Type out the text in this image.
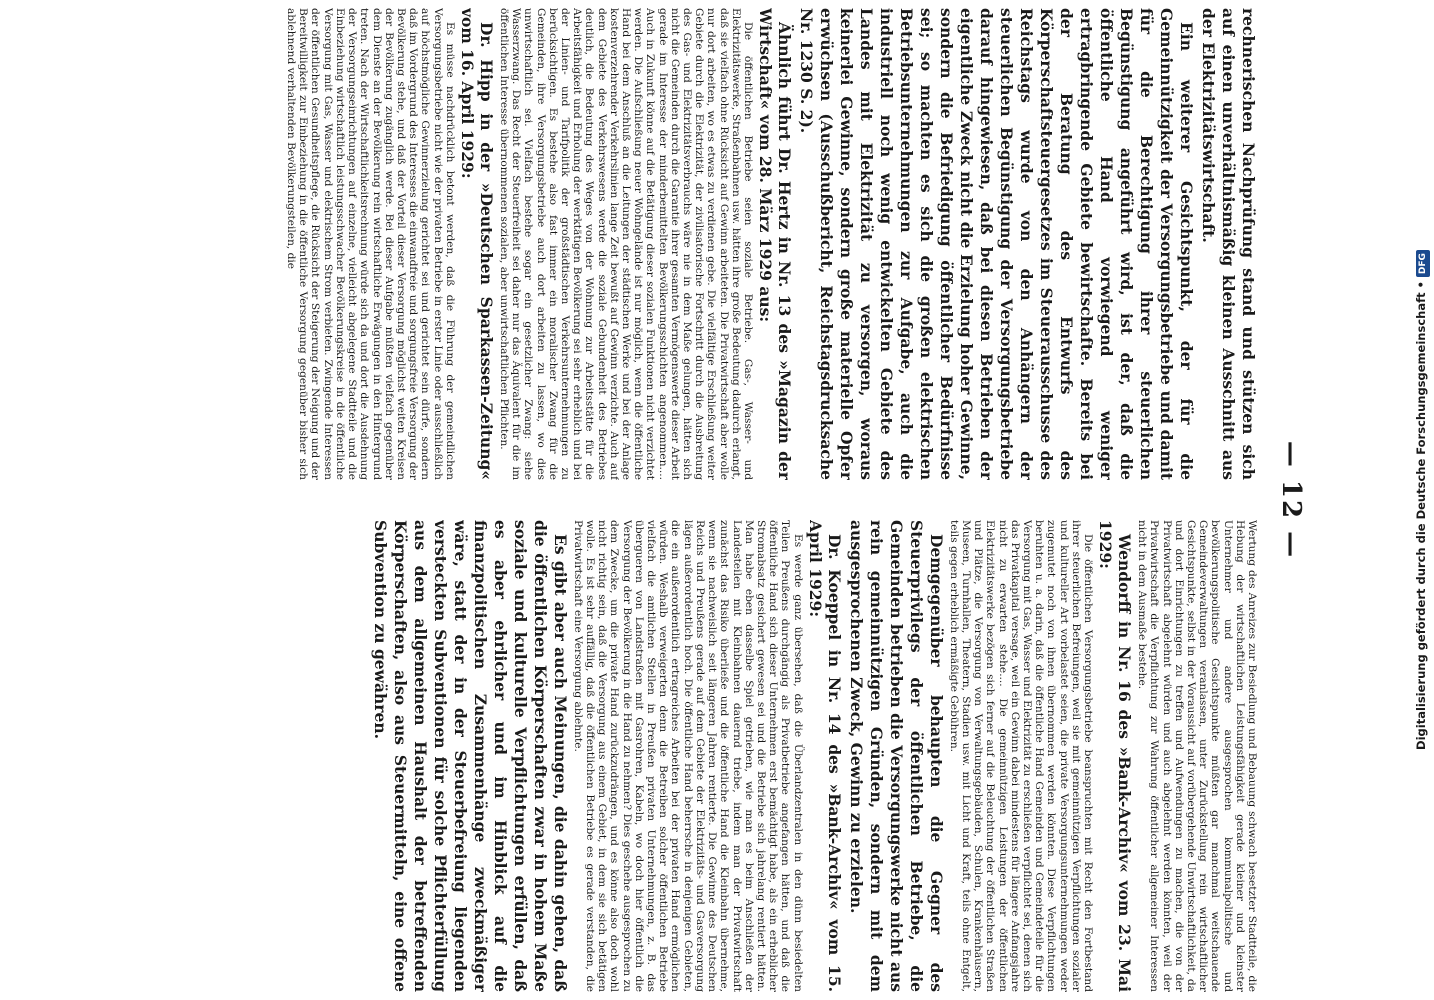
— 12 —

rechnerischen Nachprüfung stand und stützen sich auf einen unverhältnismäßig kleinen Ausschnitt aus der Elektrizitätswirtschaft.

Ein weiterer Gesichtspunkt, der für die Gemeinnützigkeit der Versorgungsbetriebe und damit für die Berechtigung ihrer steuerlichen Begünstigung angeführt wird, ist der, daß die öffentliche Hand vorwiegend weniger ertragbringende Gebiete bewirtschafte. Bereits bei der Beratung des Entwurfs des Körperschaftsteuergesetzes im Steuerausschusse des Reichstags wurde von den Anhängern der steuerlichen Begünstigung der Versorgungsbetriebe darauf hingewiesen, daß bei diesen Betrieben der eigentliche Zweck nicht die Erzielung hoher Gewinne, sondern die Befriedigung öffentlicher Bedürfnisse sei; so machten es sich die großen elektrischen Betriebsunternehmungen zur Aufgabe, auch die industriell noch wenig entwickelten Gebiete des Landes mit Elektrizität zu versorgen, woraus keinerlei Gewinne, sondern große materielle Opfer erwüchsen (Ausschußbericht, Reichstagsdrucksache Nr. 1230 S. 2).

Ähnlich führt Dr. Hertz in Nr. 13 des »Magazin der Wirtschaft« vom 28. März 1929 aus:

Die öffentlichen Betriebe seien soziale Betriebe. Gas-, Wasser- und Elektrizitätswerke, Straßenbahnen usw. hätten ihre große Bedeutung dadurch erlangt, daß sie vielfach ohne Rücksicht auf Gewinn arbeiteten. Die Privatwirtschaft aber wolle nur dort arbeiten, wo es etwas zu verdienen gebe. Die vielfältige Erschließung weiter Gebiete durch die Elektrizität, der zivilisatorische Fortschritt durch die Ausbreitung des Gas- und Elektrizitätsverbrauchs wäre nie in dem Maße gelungen, hätten sich nicht die Gemeinden durch die Garantie ihrer gesamten Vermögenswerte dieser Arbeit gerade im Interesse der minderbemittelten Bevölkerungsschichten angenommen.... Auch in Zukunft könne auf die Betätigung dieser sozialen Funktionen nicht verzichtet werden. Die Aufschließung neuer Wohngelände ist nur möglich, wenn die öffentliche Hand bei dem Anschluß an die Leitungen der städtischen Werke und bei der Anlage kostenverzehrender Verkehrslinien lange Zeit bewußt auf Gewinn verzichte. Auch auf dem Gebiete des Verkehrswesens werde die soziale Gebundenheit des Betriebes deutlich, die Bedeutung des Weges von der Wohnung zur Arbeitsstätte für die Arbeitsfähigkeit und Erholung der werktätigen Bevölkerung sei sehr erheblich und bei der Linien- und Tarifpolitik der großstädtischen Verkehrsunternehmungen zu berücksichtigen. Es bestehe also fast immer ein moralischer Zwang für die Gemeinden, ihre Versorgungsbetriebe auch dort arbeiten zu lassen, wo dies unwirtschaftlich sei. Vielfach bestehe sogar ein gesetzlicher Zwang: siehe Wasserzwang. Das Recht der Steuerfreiheit sei daher nur das Äquivalent für die im öffentlichen Interesse übernommenen sozialen, aber unwirtschaftlichen Pflichten.

Dr. Hipp in der »Deutschen Sparkassen-Zeitung« vom 16. April 1929:

Es müsse nachdrücklich betont werden, daß die Führung der gemeindlichen Versorgungsbetriebe nicht wie der privaten Betriebe in erster Linie oder ausschließlich auf höchstmögliche Gewinnerzielung gerichtet sei und gerichtet sein dürfe, sondern daß im Vordergrund des Interesses die einwandfreie und sorgungsfreie Versorgung der Bevölkerung stehe, und daß der Vorteil dieser Versorgung möglichst weiten Kreisen der Bevölkerung zugänglich werde. Bei dieser Aufgabe müßten vielfach gegenüber dem Dienste an der Bevölkerung rein wirtschaftliche Erwägungen in den Hintergrund treten. Nach der Wirtschaftlichkeitsrechnung würde sich da und dort die Ausdehnung der Versorgungseinrichtungen auf einzelne, vielleicht abgelegene Stadtteile und die Einbeziehung wirtschaftlich leistungsschwacher Bevölkerungskreise in die öffentliche Versorgung mit Gas, Wasser und elektrischem Strom verbieten. Zwingende Interessen der öffentlichen Gesundheitspflege, die Rücksicht der Steigerung der Neigung und der Bereitwilligkeit zur Einbeziehung in die öffentliche Versorgung gegenüber bisher sich ablehnend verhaltenden Bevölkerungsteilen, die

Wertung des Anreizes zur Besiedlung und Bebauung schwach besetzter Stadtteile, die Hebung der wirtschaftlichen Leistungsfähigkeit gerade kleiner und kleinster Unternehmer und andere ausgesprochen kommunalpolitische und bevölkerungspolitische Gesichtspunkte müßten gar manchmal weitschauende Gemeindeverwaltungen veranlassen, unter Zurückstellung rein wirtschaftlicher Gesichtspunkte, selbst in der Voraussicht auf vorübergehende Unwirtschaftlichkeit, da und dort Einrichtungen zu treffen und Aufwendungen zu machen, die von der Privatwirtschaft abgelehnt würden und auch abgelehnt werden könnten, weil der Privatwirtschaft die Verpflichtung zur Wahrung öffentlicher allgemeiner Interessen nicht in dem Ausmaße bestehe.

Wendorff in Nr. 16 des »Bank-Archiv« vom 23. Mai 1929:

Die öffentlichen Versorgungsbetriebe beanspruchten mit Recht den Fortbestand ihrer steuerlichen Befreiungen, weil sie mit gemeinnützigen Verpflichtungen sozialer und kultureller Art vorbelastet seien, die private Versorgungsunternehmungen weder zugemutet noch von ihnen übernommen werden könnten. Diese Verpflichtungen beruhten u. a. darin, daß die öffentliche Hand Gemeinden und Gemeindeteile für die Versorgung mit Gas, Wasser und Elektrizität zu erschließen verpflichtet sei, denen sich das Privatkapital versage, weil ein Gewinn dabei mindestens für längere Anfangsjahre nicht zu erwarten stehe.... Die gemeinnützigen Leistungen der öffentlichen Elektrizitätswerke bezögen sich ferner auf die Beleuchtung der öffentlichen Straßen und Plätze, die Versorgung von Verwaltungsgebäuden, Schulen, Krankenhäusern, Museen, Turnhallen, Theatern, Stadien usw. mit Licht und Kraft, teils ohne Entgelt, teils gegen erheblich ermäßigte Gebühren.

Demgegenüber behaupten die Gegner des Steuerprivilegs der öffentlichen Betriebe, die Gemeinden betrieben die Versorgungswerke nicht aus rein gemeinnützigen Gründen, sondern mit dem ausgesprochenen Zweck, Gewinn zu erzielen.

Dr. Koeppel in Nr. 14 des »Bank-Archiv« vom 15. April 1929:

Es werde ganz übersehen, daß die Überlandzentralen in den dünn besiedelten Teilen Preußens durchgängig als Privatbetriebe angefangen hätten, und daß die öffentliche Hand sich dieser Unternehmen erst bemächtigt habe, als ein erheblicher Stromabsatz gesichert gewesen sei und die Betriebe sich jahrelang rentiert hätten. Man habe eben dasselbe Spiel getrieben, wie man es beim Anschließen der Landesteilen mit Kleinbahnen dauernd triebe, indem man der Privatwirtschaft zunächst das Risiko überließe und die öffentliche Hand die Kleinbahn übernehme, wenn sie nachweislich seit längeren Jahren rentierte. Die Gewinne des Deutschen Reichs und Preußens gerade auf dem Gebiete der Elektrizitäts- und Gasversorgung lägen außerordentlich hoch. Die öffentliche Hand beherrsche in denjenigen Gebieten, die ein außerordentlich ertragreiches Arbeiten bei der privaten Hand ermöglichen würden. Weshalb verweigerten denn die Betreiben solcher öffentlichen Betriebe vielfach die amtlichen Stellen in Preußen privaten Unternehmungen, z. B. das übergueren von Landstraßen mit Gasrohren, Kabeln, wo doch hier öffentlich die Versorgung der Bevölkerung in die Hand zu nehmen? Dies geschehe ausgesprochen zu dem Zwecke, um die private Hand zurückzudrängen, und es könne also doch wohl nicht richtig sein, daß die Versorgung aus einem Gebiet, in dem sie sich betätigen wolle. Es ist sehr auffällig, daß die öffentlichen Betriebe es gerade verstanden, die Privatwirtschaft eine Versorgung ablehnte.

Es gibt aber auch Meinungen, die dahin gehen, daß die öffentlichen Körperschaften zwar in hohem Maße soziale und kulturelle Verpflichtungen erfüllen, daß es aber ehrlicher und im Hinblick auf die finanzpolitischen Zusammenhänge zweckmäßiger wäre, statt der in der Steuerbefreiung liegenden versteckten Subventionen für solche Pflichterfüllung aus dem allgemeinen Haushalt der betreffenden Körperschaften, also aus Steuermitteln, eine offene Subvention zu gewähren.	Digitalisierung gefördert durch die Deutsche Forschungsgemeinschaft •DFG
